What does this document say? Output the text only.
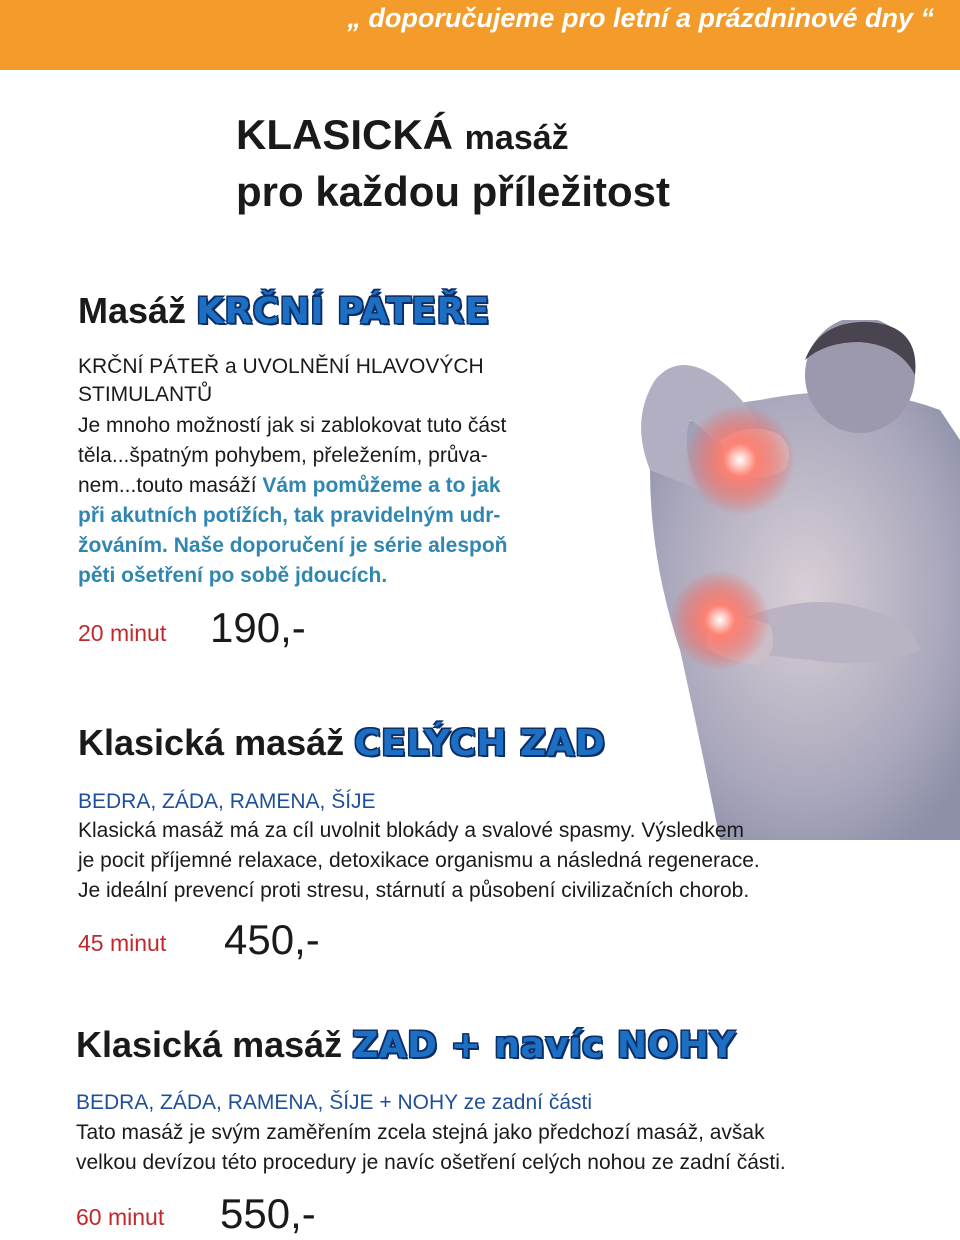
„ doporučujeme pro letní a prázdninové dny “
KLASICKÁ masáž
pro každou příležitost
Masáž KRČNÍ PÁTEŘE
KRČNÍ PÁTEŘ a UVOLNĚNÍ HLAVOVÝCH
STIMULANTŮ
Je mnoho možností jak si zablokovat tuto část
těla...špatným pohybem, přeležením, průva-
nem...touto masáží Vám pomůžeme a to jak
při akutních potížích, tak pravidelným udr-
žováním. Naše doporučení je série alespoň
pěti ošetření po sobě jdoucích.
20 minut 190,-
Klasická masáž CELÝCH ZAD
BEDRA, ZÁDA, RAMENA, ŠÍJE
Klasická masáž má za cíl uvolnit blokády a svalové spasmy. Výsledkem
je pocit příjemné relaxace, detoxikace organismu a následná regenerace.
Je ideální prevencí proti stresu, stárnutí a působení civilizačních chorob.
45 minut 450,-
Klasická masáž ZAD + navíc NOHY
BEDRA, ZÁDA, RAMENA, ŠÍJE + NOHY ze zadní části
Tato masáž je svým zaměřením zcela stejná jako předchozí masáž, avšak
velkou devízou této procedury je navíc ošetření celých nohou ze zadní části.
60 minut 550,-
